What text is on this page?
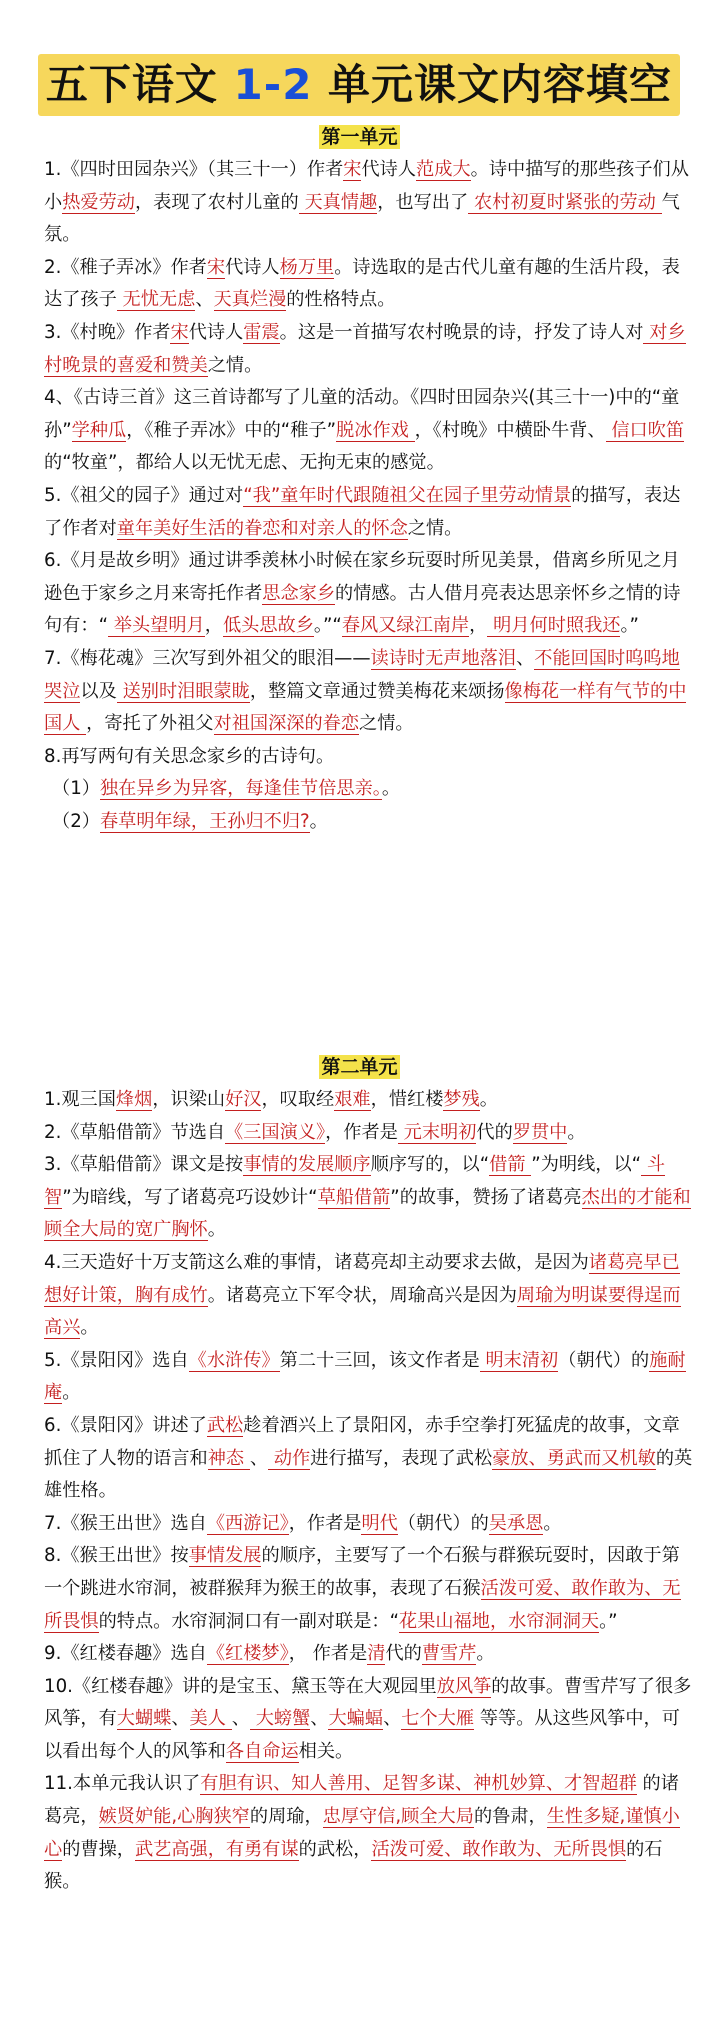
五下语文 1-2 单元课文内容填空
第一单元

1.《四时田园杂兴》（其三十一）作者宋代诗人范成大。诗中描写的那些孩子们从小热爱劳动，表现了农村儿童的 天真情趣，也写出了 农村初夏时紧张的劳动 气氛。

2.《稚子弄冰》作者宋代诗人杨万里。诗选取的是古代儿童有趣的生活片段，表达了孩子 无忧无虑、天真烂漫的性格特点。

3.《村晚》作者宋代诗人雷震。这是一首描写农村晚景的诗，抒发了诗人对 对乡村晚景的喜爱和赞美之情。

4、《古诗三首》这三首诗都写了儿童的活动。《四时田园杂兴(其三十一)中的“童孙”学种瓜，《稚子弄冰》中的“稚子”脱冰作戏 ，《村晚》中横卧牛背、 信口吹笛的“牧童”，都给人以无忧无虑、无拘无束的感觉。

5.《祖父的园子》通过对“我”童年时代跟随祖父在园子里劳动情景的描写，表达了作者对童年美好生活的眷恋和对亲人的怀念之情。

6.《月是故乡明》通过讲季羡林小时候在家乡玩耍时所见美景，借离乡所见之月逊色于家乡之月来寄托作者思念家乡的情感。古人借月亮表达思亲怀乡之情的诗句有：“ 举头望明月，低头思故乡。”“春风又绿江南岸， 明月何时照我还。”

7.《梅花魂》三次写到外祖父的眼泪——读诗时无声地落泪、不能回国时呜呜地哭泣以及 送别时泪眼蒙眬，整篇文章通过赞美梅花来颂扬像梅花一样有气节的中国人 ，寄托了外祖父对祖国深深的眷恋之情。

8.再写两句有关思念家乡的古诗句。

（1）独在异乡为异客，每逢佳节倍思亲。。

（2）春草明年绿，王孙归不归?。

第二单元

1.观三国烽烟，识梁山好汉，叹取经艰难，惜红楼梦残。

2.《草船借箭》节选自《三国演义》，作者是 元末明初代的罗贯中。

3.《草船借箭》课文是按事情的发展顺序顺序写的，以“借箭 ”为明线，以“ 斗智”为暗线，写了诸葛亮巧设妙计“草船借箭”的故事，赞扬了诸葛亮杰出的才能和顾全大局的宽广胸怀。

4.三天造好十万支箭这么难的事情，诸葛亮却主动要求去做，是因为诸葛亮早已想好计策，胸有成竹。诸葛亮立下军令状，周瑜高兴是因为周瑜为明谋要得逞而高兴。

5.《景阳冈》选自《水浒传》第二十三回，该文作者是 明末清初（朝代）的施耐庵。

6.《景阳冈》讲述了武松趁着酒兴上了景阳冈，赤手空拳打死猛虎的故事，文章抓住了人物的语言和神态 、 动作进行描写，表现了武松豪放、勇武而又机敏的英雄性格。

7.《猴王出世》选自《西游记》，作者是明代（朝代）的吴承恩。

8.《猴王出世》按事情发展的顺序，主要写了一个石猴与群猴玩耍时，因敢于第一个跳进水帘洞，被群猴拜为猴王的故事，表现了石猴活泼可爱、敢作敢为、无所畏惧的特点。水帘洞洞口有一副对联是：“花果山福地，水帘洞洞天。”

9.《红楼春趣》选自《红楼梦》， 作者是清代的曹雪芹。

10.《红楼春趣》讲的是宝玉、黛玉等在大观园里放风筝的故事。曹雪芹写了很多风筝，有大蝴蝶、美人 、 大螃蟹、大蝙蝠、七个大雁 等等。从这些风筝中，可以看出每个人的风筝和各自命运相关。

11.本单元我认识了有胆有识、知人善用、足智多谋、神机妙算、才智超群 的诸葛亮，嫉贤妒能,心胸狭窄的周瑜，忠厚守信,顾全大局的鲁肃，生性多疑,谨慎小心的曹操，武艺高强，有勇有谋的武松，活泼可爱、敢作敢为、无所畏惧的石猴。
